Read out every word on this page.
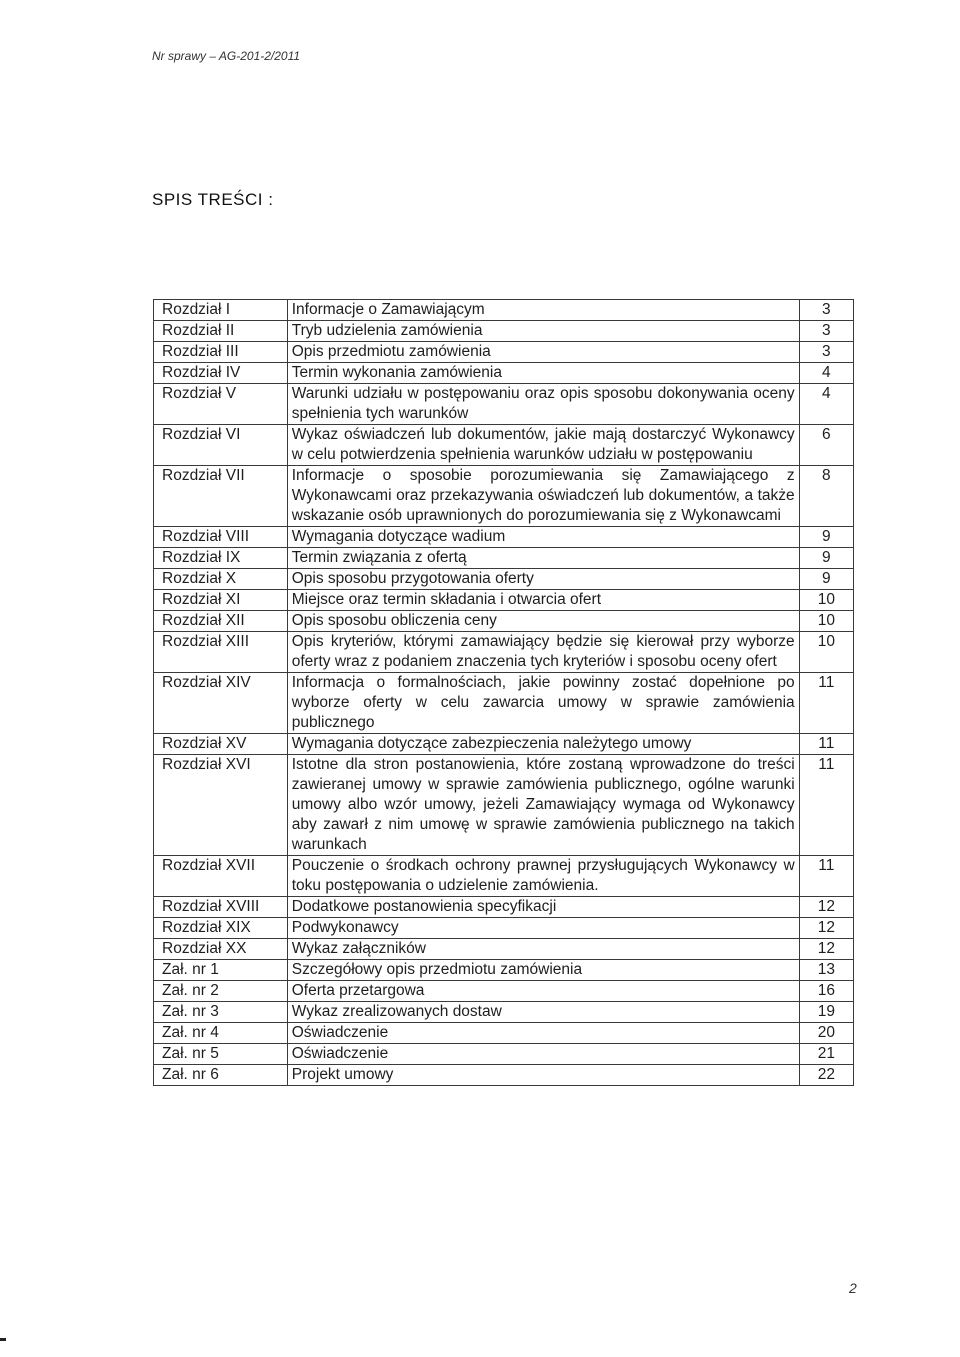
Nr sprawy – AG-201-2/2011
SPIS TREŚCI :
Rozdział I	Informacje o Zamawiającym	3
Rozdział II	Tryb udzielenia zamówienia	3
Rozdział III	Opis przedmiotu zamówienia	3
Rozdział IV	Termin wykonania zamówienia	4
Rozdział V	Warunki udziału w postępowaniu oraz opis sposobu dokonywania oceny spełnienia tych warunków	4
Rozdział VI	Wykaz oświadczeń lub dokumentów, jakie mają dostarczyć Wykonawcy w celu potwierdzenia spełnienia warunków udziału w postępowaniu	6
Rozdział VII	Informacje o sposobie porozumiewania się Zamawiającego z Wykonawcami oraz przekazywania oświadczeń lub dokumentów, a także wskazanie osób uprawnionych do porozumiewania się z Wykonawcami	8
Rozdział VIII	Wymagania dotyczące wadium	9
Rozdział IX	Termin związania z ofertą	9
Rozdział X	Opis sposobu przygotowania oferty	9
Rozdział XI	Miejsce oraz termin składania i otwarcia ofert	10
Rozdział XII	Opis sposobu obliczenia ceny	10
Rozdział XIII	Opis kryteriów, którymi zamawiający będzie się kierował przy wyborze oferty wraz z podaniem znaczenia tych kryteriów i sposobu oceny ofert	10
Rozdział XIV	Informacja o formalnościach, jakie powinny zostać dopełnione po wyborze oferty w celu zawarcia umowy w sprawie zamówienia publicznego	11
Rozdział XV	Wymagania dotyczące zabezpieczenia należytego umowy	11
Rozdział XVI	Istotne dla stron postanowienia, które zostaną wprowadzone do treści zawieranej umowy w sprawie zamówienia publicznego, ogólne warunki umowy albo wzór umowy, jeżeli Zamawiający wymaga od Wykonawcy aby zawarł z nim umowę w sprawie zamówienia publicznego na takich warunkach	11
Rozdział XVII	Pouczenie o środkach ochrony prawnej przysługujących Wykonawcy w toku postępowania o udzielenie zamówienia.	11
Rozdział XVIII	Dodatkowe postanowienia specyfikacji	12
Rozdział XIX	Podwykonawcy	12
Rozdział XX	Wykaz załączników	12
Zał. nr 1	Szczegółowy opis przedmiotu zamówienia	13
Zał. nr 2	Oferta przetargowa	16
Zał. nr 3	Wykaz zrealizowanych dostaw	19
Zał. nr 4	Oświadczenie	20
Zał. nr 5	Oświadczenie	21
Zał. nr 6	Projekt umowy	22
2
